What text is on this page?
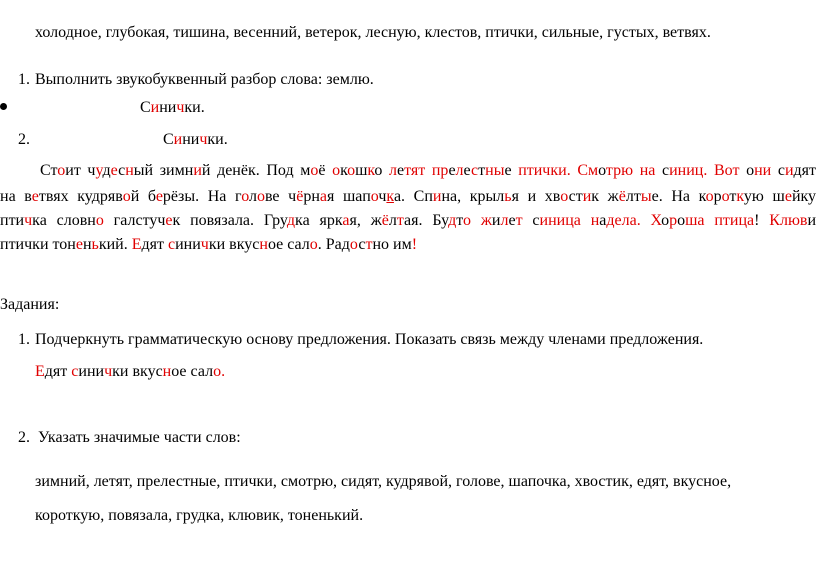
холодное, глубокая, тишина, весенний, ветерок, лесную, клестов, птички, сильные, густых, ветвях.
1. Выполнить звукобуквенный разбор слова: землю.
Синички.
2.	Синички.
Стоит чудесный зимний денёк. Под моё окошко летят прелестные птички. Смотрю на синиц. Вот они сидят
на ветвях кудрявой берёзы. На голове чёрная шапочка. Спина, крылья и хвостик жёлтые. На короткую шейку
птичка словно галстучек повязала. Грудка яркая, жёлтая. Будто жилет синица надела. Хороша птица! Клюви
птички тоненький. Едят синички вкусное сало. Радостно им!
Задания:
1. Подчеркнуть грамматическую основу предложения. Показать связь между членами предложения.
Едят синички вкусное сало.
2. Указать значимые части слов:
зимний, летят, прелестные, птички, смотрю, сидят, кудрявой, голове, шапочка, хвостик, едят, вкусное,
короткую, повязала, грудка, клювик, тоненький.
